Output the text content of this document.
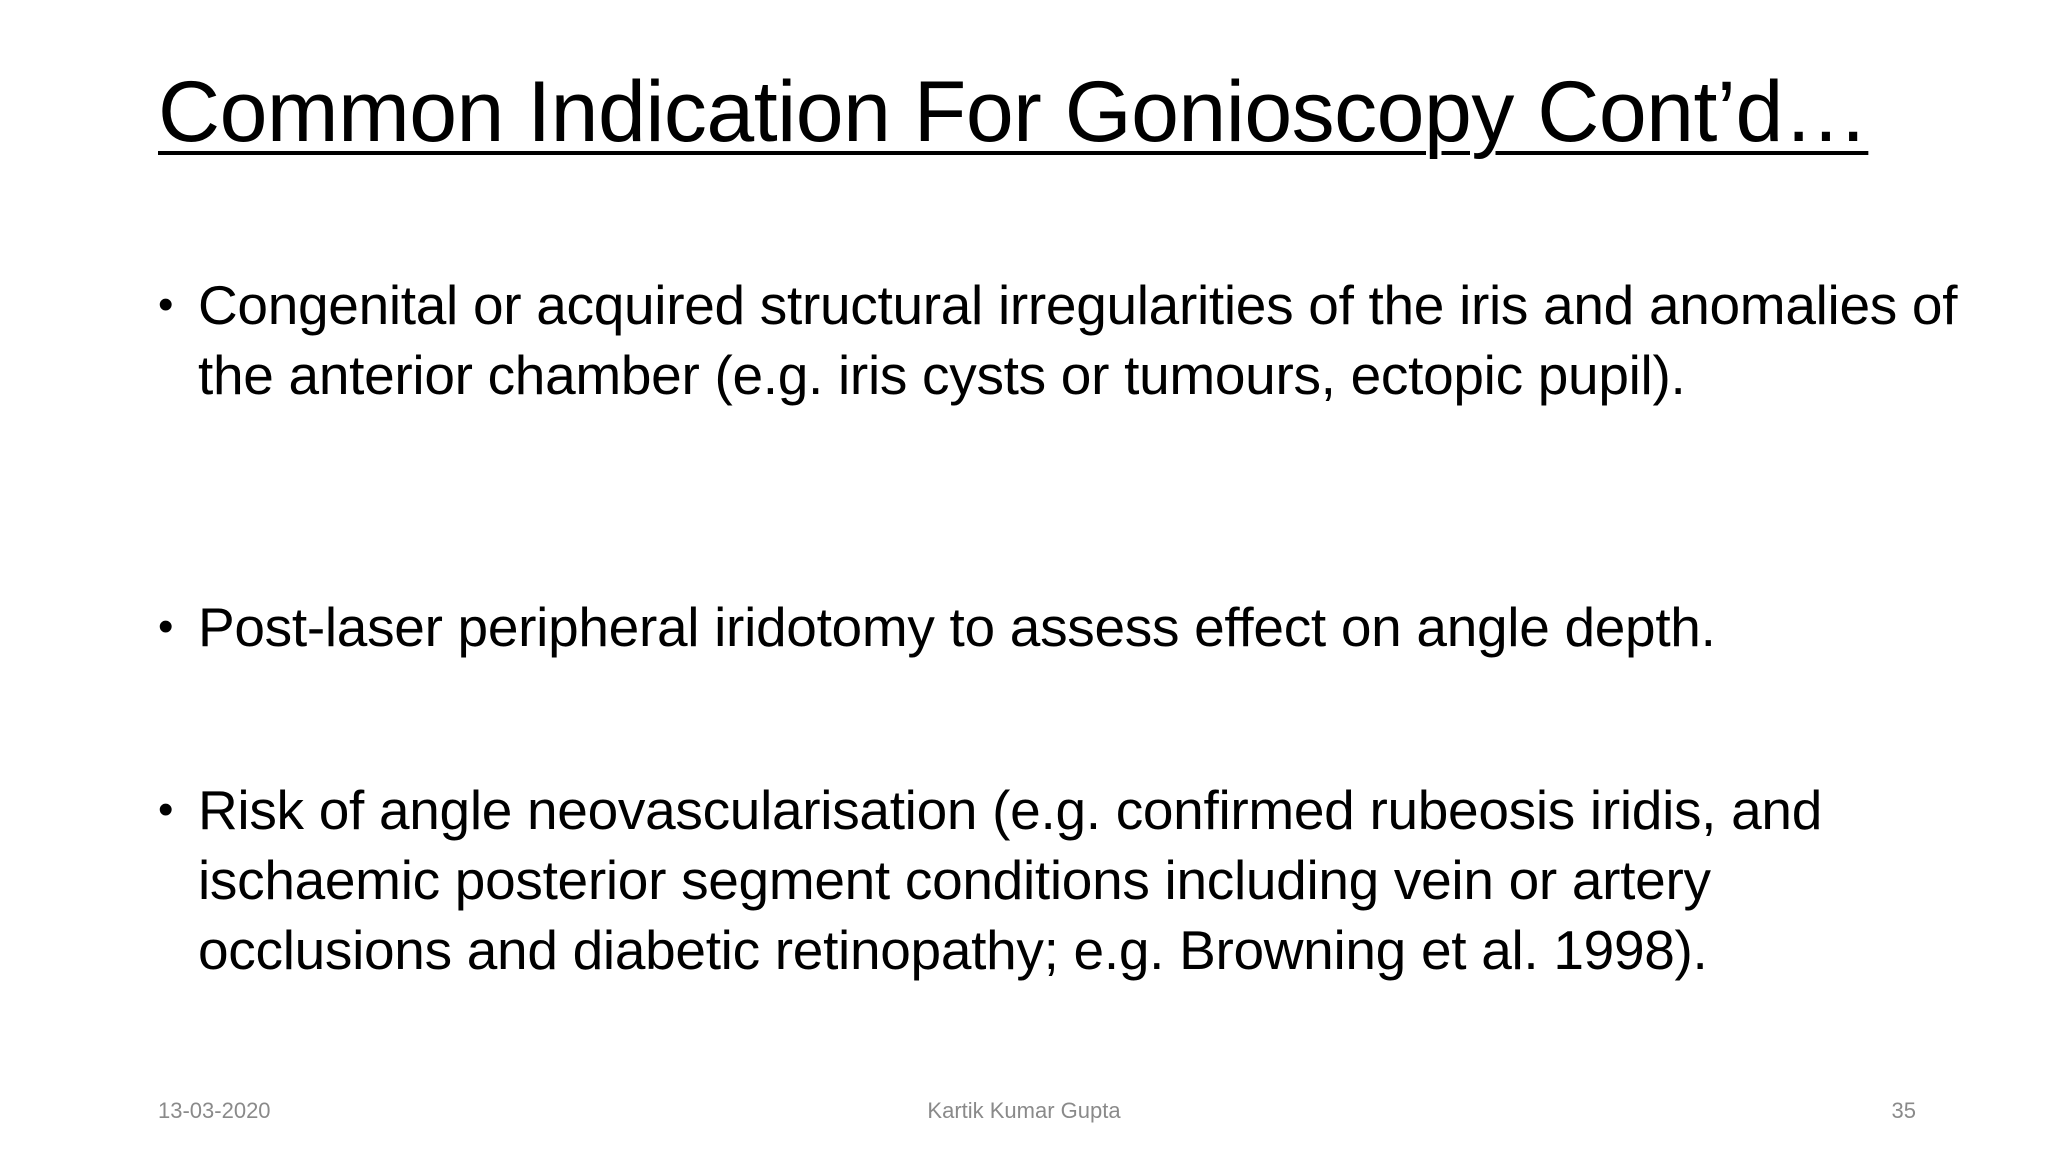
Common Indication For Gonioscopy Cont’d…
• Congenital or acquired structural irregularities of the iris and anomalies of the anterior chamber (e.g. iris cysts or tumours, ectopic pupil).
• Post-laser peripheral iridotomy to assess effect on angle depth.
• Risk of angle neovascularisation (e.g. confirmed rubeosis iridis, and ischaemic posterior segment conditions including vein or artery occlusions and diabetic retinopathy; e.g. Browning et al. 1998).
13-03-2020	Kartik Kumar Gupta	35
